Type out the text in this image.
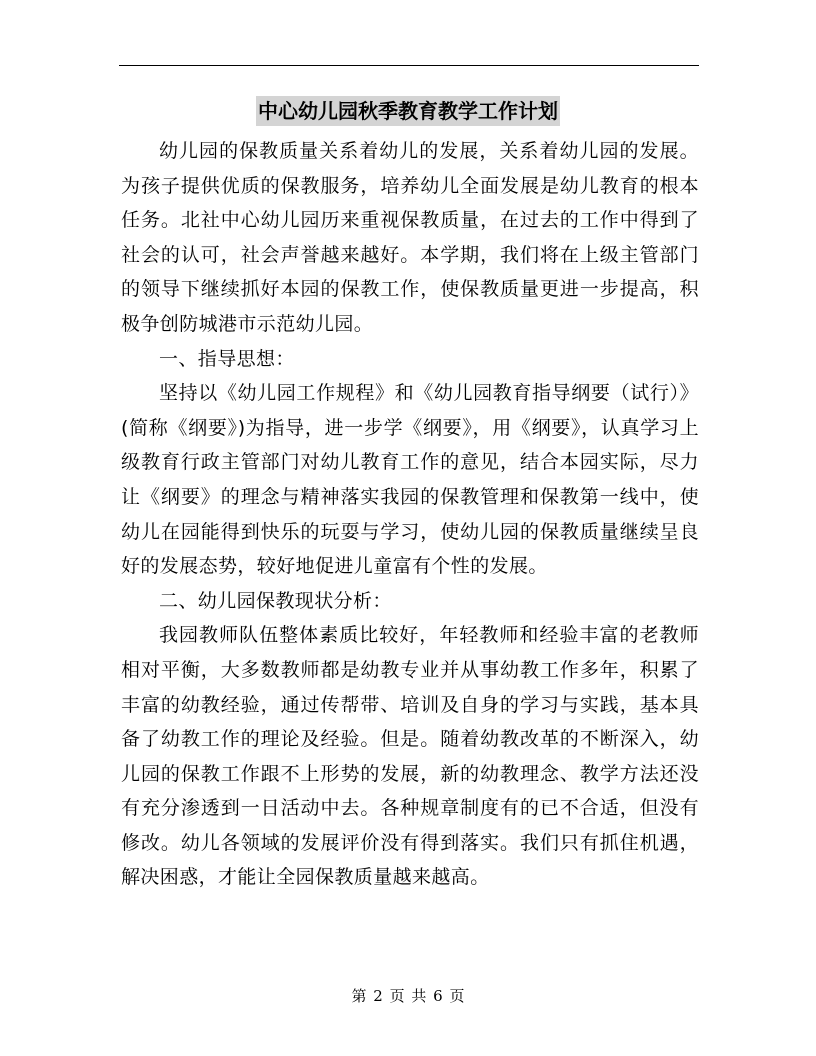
中心幼儿园秋季教育教学工作计划

幼儿园的保教质量关系着幼儿的发展，关系着幼儿园的发展。为孩子提供优质的保教服务，培养幼儿全面发展是幼儿教育的根本任务。北社中心幼儿园历来重视保教质量，在过去的工作中得到了社会的认可，社会声誉越来越好。本学期，我们将在上级主管部门的领导下继续抓好本园的保教工作，使保教质量更进一步提高，积极争创防城港市示范幼儿园。

一、指导思想：

坚持以《幼儿园工作规程》和《幼儿园教育指导纲要（试行）》(简称《纲要》)为指导，进一步学《纲要》，用《纲要》，认真学习上级教育行政主管部门对幼儿教育工作的意见，结合本园实际，尽力让《纲要》的理念与精神落实我园的保教管理和保教第一线中，使幼儿在园能得到快乐的玩耍与学习，使幼儿园的保教质量继续呈良好的发展态势，较好地促进儿童富有个性的发展。

二、幼儿园保教现状分析：

我园教师队伍整体素质比较好，年轻教师和经验丰富的老教师相对平衡，大多数教师都是幼教专业并从事幼教工作多年，积累了丰富的幼教经验，通过传帮带、培训及自身的学习与实践，基本具备了幼教工作的理论及经验。但是。随着幼教改革的不断深入，幼儿园的保教工作跟不上形势的发展，新的幼教理念、教学方法还没有充分渗透到一日活动中去。各种规章制度有的已不合适，但没有修改。幼儿各领域的发展评价没有得到落实。我们只有抓住机遇，解决困惑，才能让全园保教质量越来越高。

第 2 页 共 6 页
